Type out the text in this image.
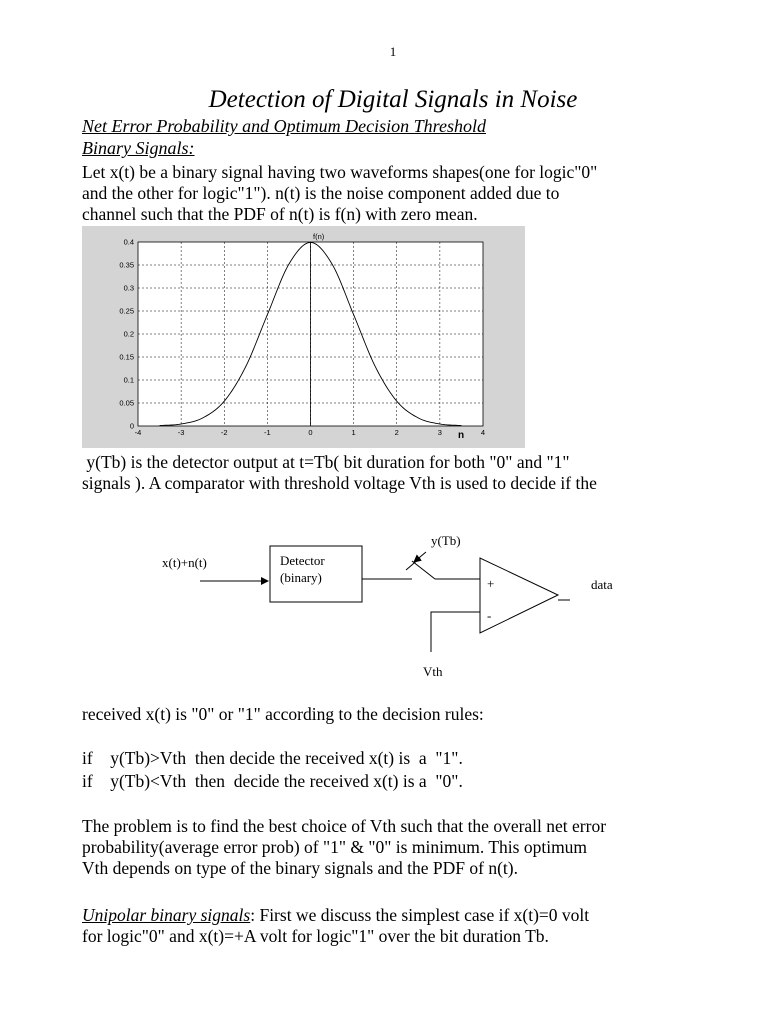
1
Detection of Digital Signals in Noise
Net Error Probability and Optimum Decision Threshold
Binary Signals:
Let x(t) be a binary signal having two waveforms shapes(one for logic"0"
and the other for logic"1"). n(t) is the noise component added due to
channel such that the PDF of n(t) is f(n) with zero mean.
-4	-3	-2	-1	0	1	2	3	4
0
0.05
0.1
0.15
0.2
0.25
0.3
0.35
0.4
f(n)
n
y(Tb) is the detector output at t=Tb( bit duration for both "0" and "1"
signals ). A comparator with threshold voltage Vth is used to decide if the
x(t)+n(t)	Detector
(binary)
y(Tb)
+
-
data
Vth
received x(t) is "0" or "1" according to the decision rules:
if    y(Tb)>Vth  then decide the received x(t) is  a  "1".
if    y(Tb)<Vth  then  decide the received x(t) is a  "0".
The problem is to find the best choice of Vth such that the overall net error
probability(average error prob) of "1" & "0" is minimum. This optimum
Vth depends on type of the binary signals and the PDF of n(t).
Unipolar binary signals: First we discuss the simplest case if x(t)=0 volt
for logic"0" and x(t)=+A volt for logic"1" over the bit duration Tb.
